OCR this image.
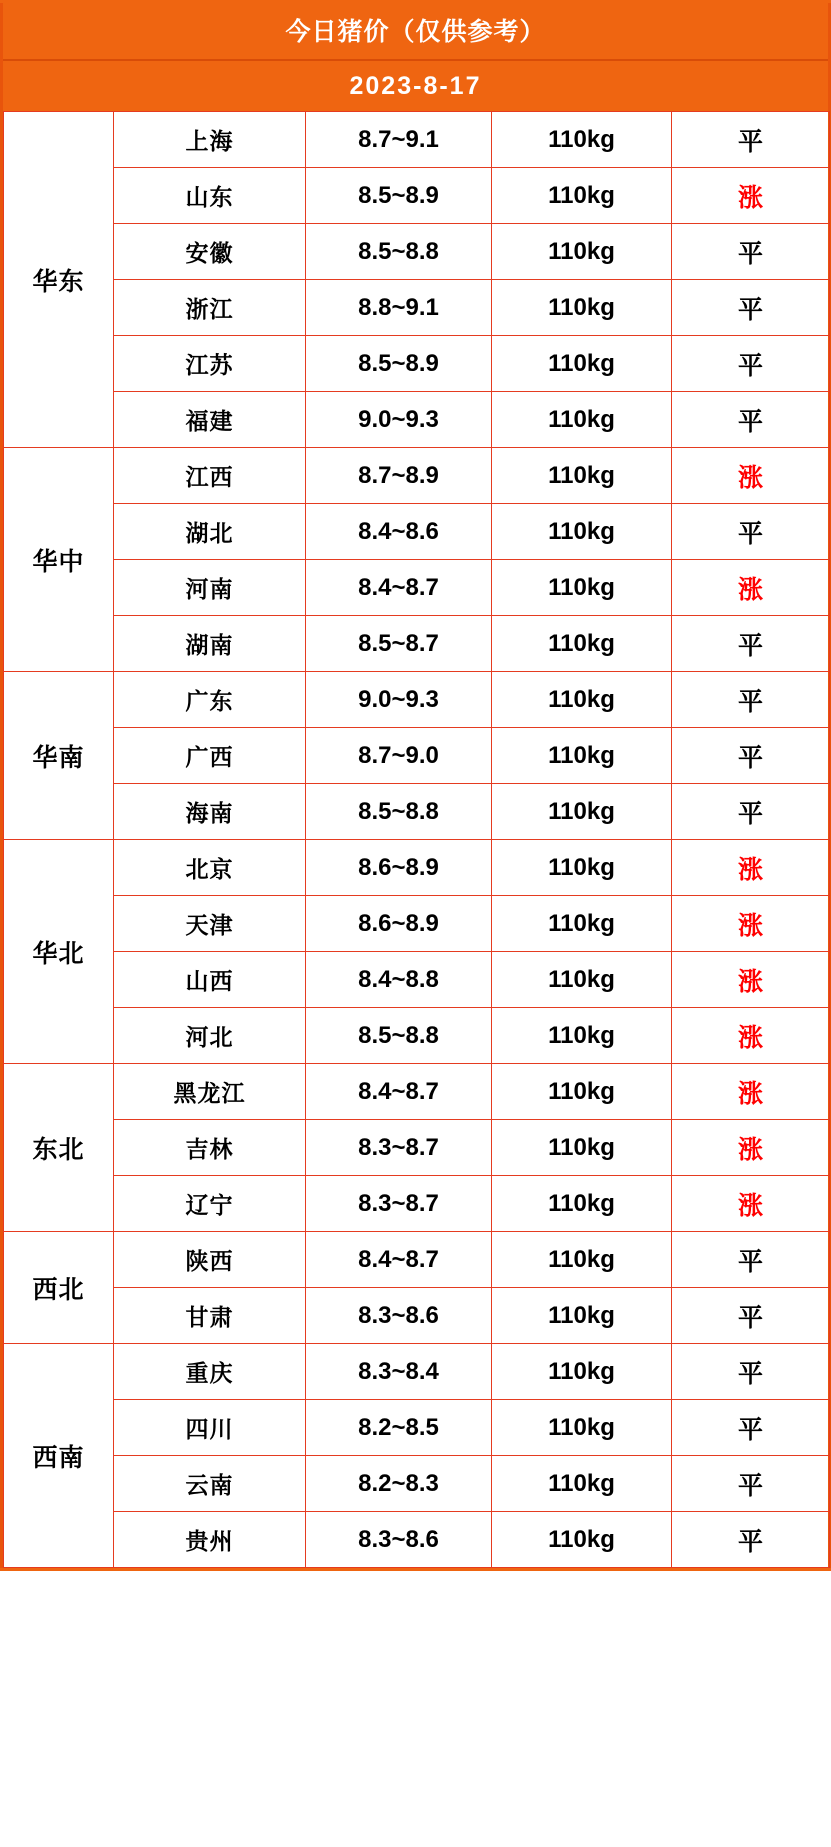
今日猪价（仅供参考）
2023-8-17
华东	上海	8.7~9.1	110kg	平
	山东	8.5~8.9	110kg	涨
	安徽	8.5~8.8	110kg	平
	浙江	8.8~9.1	110kg	平
	江苏	8.5~8.9	110kg	平
	福建	9.0~9.3	110kg	平
华中	江西	8.7~8.9	110kg	涨
	湖北	8.4~8.6	110kg	平
	河南	8.4~8.7	110kg	涨
	湖南	8.5~8.7	110kg	平
华南	广东	9.0~9.3	110kg	平
	广西	8.7~9.0	110kg	平
	海南	8.5~8.8	110kg	平
华北	北京	8.6~8.9	110kg	涨
	天津	8.6~8.9	110kg	涨
	山西	8.4~8.8	110kg	涨
	河北	8.5~8.8	110kg	涨
东北	黑龙江	8.4~8.7	110kg	涨
	吉林	8.3~8.7	110kg	涨
	辽宁	8.3~8.7	110kg	涨
西北	陕西	8.4~8.7	110kg	平
	甘肃	8.3~8.6	110kg	平
西南	重庆	8.3~8.4	110kg	平
	四川	8.2~8.5	110kg	平
	云南	8.2~8.3	110kg	平
	贵州	8.3~8.6	110kg	平
